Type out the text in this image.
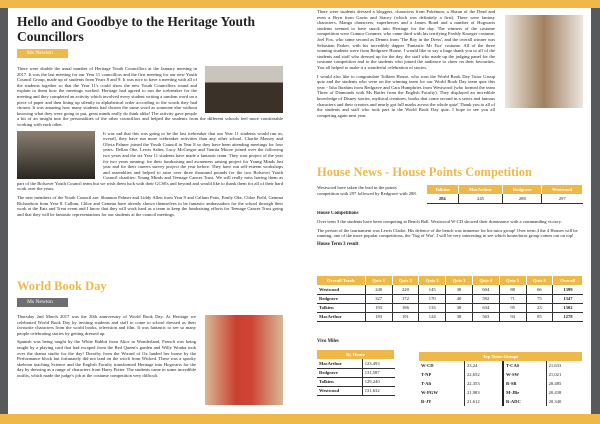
Hello and Goodbye to the Heritage Youth Councillors
Ms Newton
There were double the usual number of Heritage Youth Councillors at the January meeting in 2017. It was the last meeting for our Year 11 councillors and the first meeting for our new Youth Council Group, made up of students from Years 8 and 9. It was nice to have a meeting with all of the students together so that the Year 11's could show the new Youth Councillors round and explain to them how the meetings worked. Heritage had agreed to run the icebreaker for the meeting and they completed an activity which involved every student writing a random word on a piece of paper and then lining up silently in alphabetical order according to the words they had chosen. It was amazing how many students had chosen the same word as someone else without knowing what they were going to put, great minds really do think alike! The activity gave people a bit of an insight into the personalities of the other councillors and helped the students from the different schools feel more comfortable working with each other.
It was sad that this was going to be the last icebreaker that our Year 11 students would run as, overall, they have run more icebreaker activities than any other school. Charlie Massey and Olivia Palmer joined the Youth Council in Year 8 so they have been attending meetings for four years. Dellan Oke, Lewis Salter, Lucy McGregor and Tanitia Moore joined over the following two years and the six Year 11 students have made a fantastic team. They won project of the year for two years running: for their fundraising and awareness raising project for Young Minds last year and for their careers survey project the year before. They have run self-esteem workshops and assemblies and helped to raise over three thousand pounds for the two Bolsover Youth Council charities: Young Minds and Teenage Cancer Trust. We will really miss having them as part of the Bolsover Youth Council team but we wish them luck with their GCSEs and beyond and would like to thank them for all of their hard work over the years.
The new members of the Youth Council are: Shannon Palmer and Liddy Allen from Year 9 and Callum Potts, Emily Oke, Chloe Field, Gemma Richardson from Year 8. Callum, Chloe and Gemma have already shown themselves to be fantastic ambassadors for the school through their work at the Eats and Treat event and I know that they will work hard as a team to keep the fundraising efforts for Teenage Cancer Trust going and that they will be fantastic representations for our students at the council meetings.
World Book Day
Ms Newton
Thursday 2nd March 2017 was the 20th anniversary of World Book Day. At Heritage we celebrated World Book Day by inviting students and staff to come to school dressed as their favourite characters from the world books, television and film. It was fantastic to see so many people celebrating stories by getting dressed up.
Spanish was being taught by the White Rabbit from Alice in Wonderland, French was being taught by a playing card that had escaped from the Red Queen's garden and Willy Wonka took over the drama studio for the day! Dorothy from the Wizard of Oz landed her house by the Performance block but fortunately did not land on the witch from Wicked. There was a spooky skeleton teaching Science and the English Faculty transformed Heritage into Hogwarts for the day by dressing as a range of characters from Harry Potter. The students came in some incredible outfits, which made the judge's job at the costume competition very difficult.
There were students dressed a bloggers, characters from Pokémon, a Shaun of the Dead and even a Bryn from Gavin and Stacey (which was definitely a first). There were fantasy characters, Manga characters, superheroes and a James Bond and a number of Hogwarts students seemed to have snuck into Heritage for the day. The winners of the costume competition were Connor Creamer, who came third with his terrifying Freddy Krueger costume, Joel Fox, who came second as Dennis from 'The Boy in the Dress', and the overall winner was Sebastian Parker, with his incredibly dapper 'Fantastic Mr Fox' costume. All of the three winning students were from Redgrave House. I would like to say a huge thank you to all of the students and staff who dressed up for the day, the staff who made up the judging panel for the costume competition and to the students who joined the audience to cheer on their favourites. You all helped to make it a wonderful celebration of stories.
I would also like to congratulate Tolkien House, who won the World Book Day Tutor Group quiz and the students who were on the winning team for our World Book Day team quiz this year - Isha Ibrahim from Redgrave and Cara Humphries from Westwood (who formed the team Three of Diamonds with Ms Butler from the English Faculty). They displayed an incredible knowledge of Disney stories, mythical creatures, books that come second in a series and famous characters and their creators and nearly got full marks across the whole quiz! Thank you to all of the students and staff who took part in the World Book Day quiz. I hope to see you all competing again next year.
House News - House Points Competition
Westwood have taken the lead in the points competition with 297 followed by Redgrave with 288.
Tolkien	MacArthur	Redgrave	Westwood
284	245	288	297
House Competitions
Over term 3 the students have been competing at Bench Ball. Westwood W-CD showed their dominance with a commanding victory.
The person of the tournament was Lewis Clarke. His defence of the bench was immense for his tutor group! Over term 4 the 4 Houses will be running, one of the more popular competitions, the 'Tug of War'. I will be very interesting to see which house/tutor group comes out on top!
House Term 3 result
Overall Totals	Quiz 1	Quiz 2	Quiz 3	Quiz 3	Quiz 4	Quiz 5	Quiz 6	Overall
Westwood	240	220	145	38	604	88	66	1399
Redgrave	327	172	170	40	592	71	75	1347
Tolkien	193	186	133	38	634	95	23	1302
MacArthur	183	191	124	38	563	94	85	1278
Vivo Miles
By House	
MacArthur	123,493
Redgrave	131,587
Tolkien	129,240
Westwood	131,632
Top Tutor Groups			
W-CD	23,24	T-CAS	21,633
T-NP	22,652	W-SW	21,021
T-Ali	22,353	R-SB	20,485
W-PGW	21,983	M-JBe	20,438
R-JY	21,612	R-ADC	20,340
